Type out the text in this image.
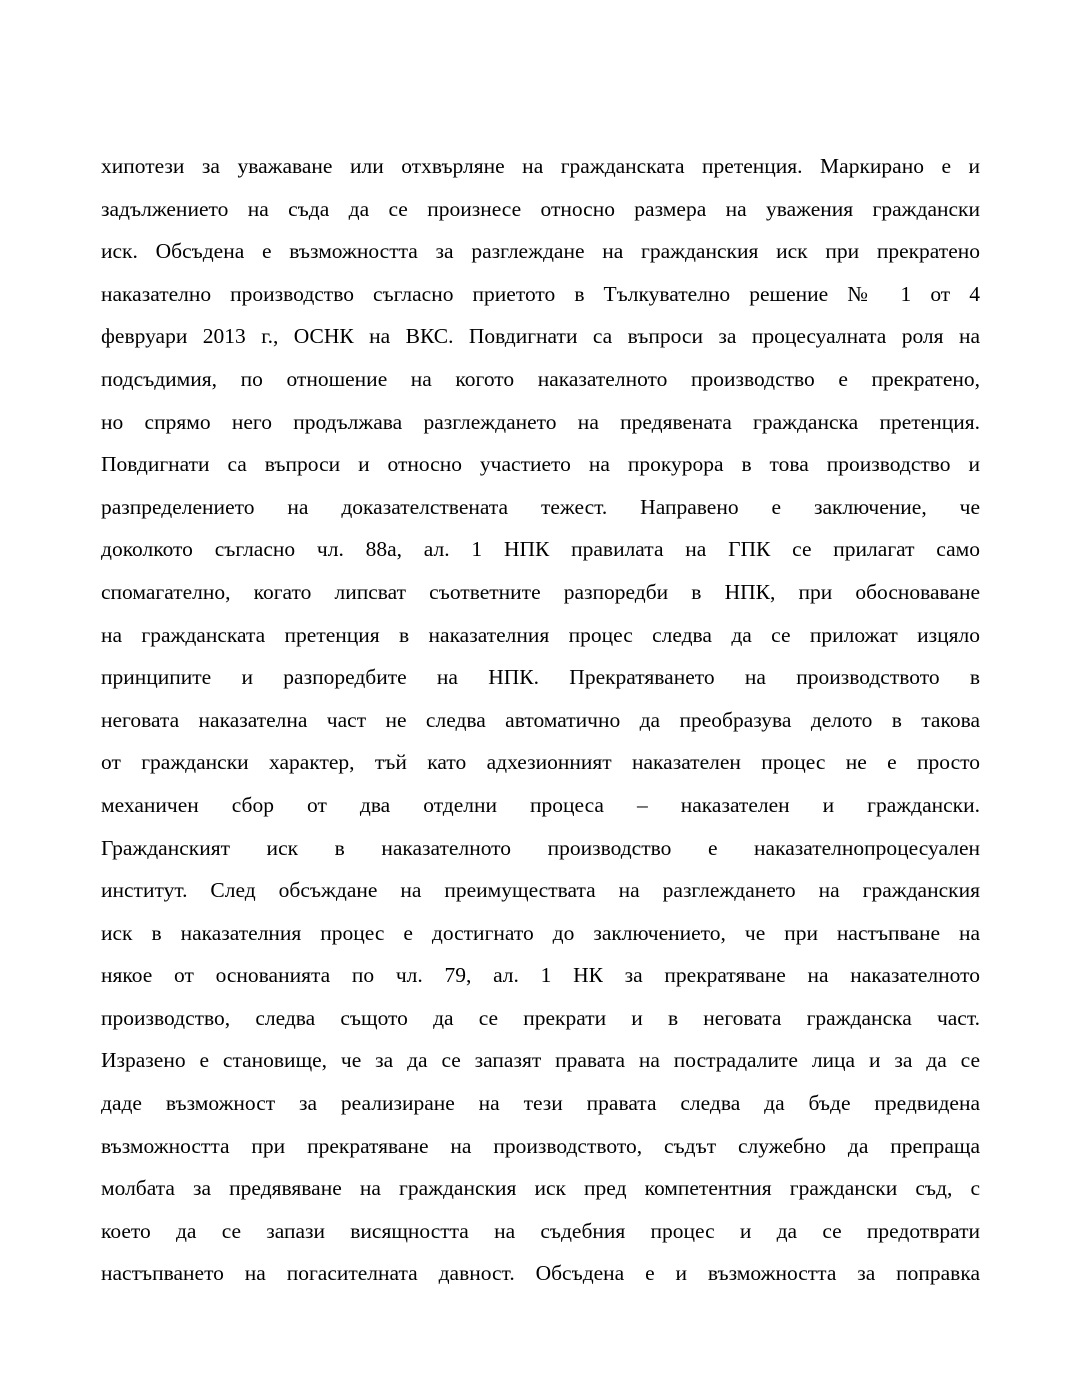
хипотези за уважаване или отхвърляне на гражданската претенция. Маркирано е и
задължението на съда да се произнесе относно размера на уважения граждански
иск. Обсъдена е възможността за разглеждане на гражданския иск при прекратено
наказателно производство съгласно приетото в Тълкувателно решение № 1 от 4
февруари 2013 г., ОСНК на ВКС. Повдигнати са въпроси за процесуалната роля на
подсъдимия, по отношение на когото наказателното производство е прекратено,
но спрямо него продължава разглеждането на предявената гражданска претенция.
Повдигнати са въпроси и относно участието на прокурора в това производство и
разпределението на доказателствената тежест. Направено е заключение, че
доколкото съгласно чл. 88а, ал. 1 НПК правилата на ГПК се прилагат само
спомагателно, когато липсват съответните разпоредби в НПК, при обосноваване
на гражданската претенция в наказателния процес следва да се приложат изцяло
принципите и разпоредбите на НПК. Прекратяването на производството в
неговата наказателна част не следва автоматично да преобразува делото в такова
от граждански характер, тъй като адхезионният наказателен процес не е просто
механичен сбор от два отделни процеса – наказателен и граждански.
Гражданският иск в наказателното производство е наказателнопроцесуален
институт. След обсъждане на преимуществата на разглеждането на гражданския
иск в наказателния процес е достигнато до заключението, че при настъпване на
някое от основанията по чл. 79, ал. 1 НК за прекратяване на наказателното
производство, следва същото да се прекрати и в неговата гражданска част.
Изразено е становище, че за да се запазят правата на пострадалите лица и за да се
даде възможност за реализиране на тези правата следва да бъде предвидена
възможността при прекратяване на производството, съдът служебно да препраща
молбата за предявяване на гражданския иск пред компетентния граждански съд, с
което да се запази висящността на съдебния процес и да се предотврати
настъпването на погасителната давност. Обсъдена е и възможността за поправка
